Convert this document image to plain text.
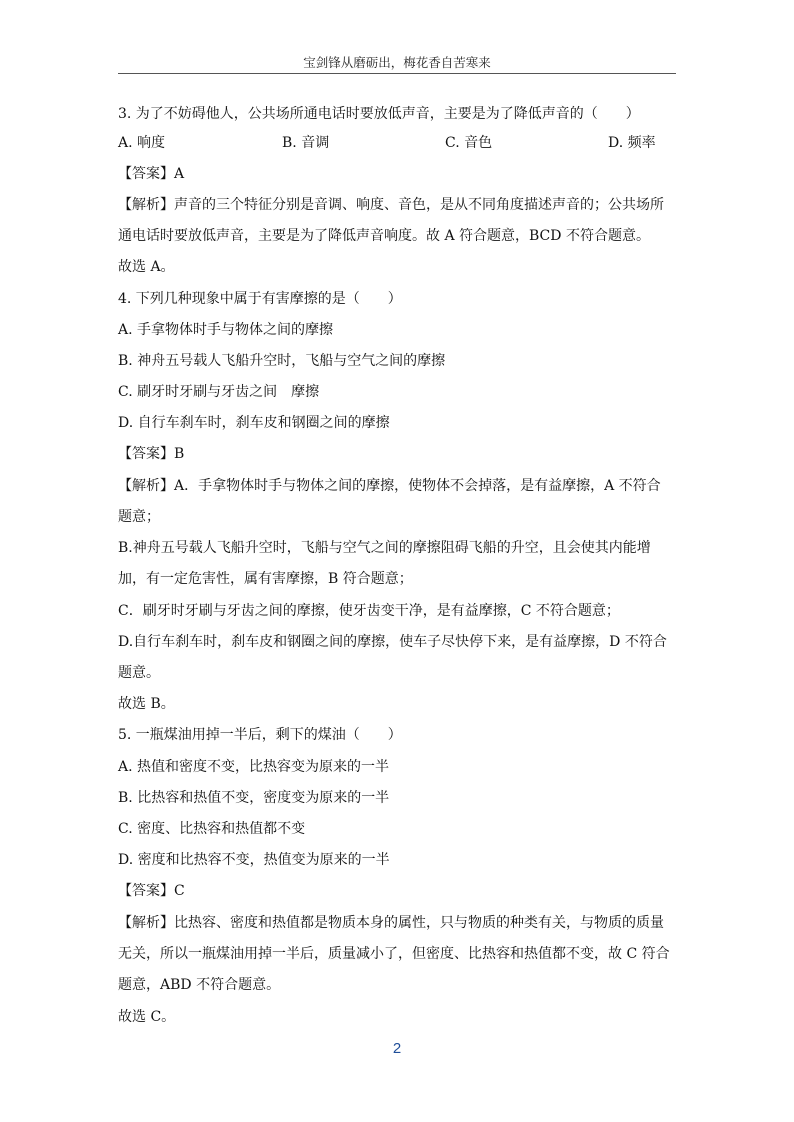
宝剑锋从磨砺出，梅花香自苦寒来
3. 为了不妨碍他人，公共场所通电话时要放低声音，主要是为了降低声音的（　　）
A. 响度	B. 音调	C. 音色	D. 频率
【答案】A
【解析】声音的三个特征分别是音调、响度、音色，是从不同角度描述声音的；公共场所
通电话时要放低声音，主要是为了降低声音响度。故 A 符合题意，BCD 不符合题意。
故选 A。
4. 下列几种现象中属于有害摩擦的是（　　）
A. 手拿物体时手与物体之间的摩擦
B. 神舟五号载人飞船升空时，飞船与空气之间的摩擦
C. 刷牙时牙刷与牙齿之间　摩擦
D. 自行车刹车时，刹车皮和钢圈之间的摩擦
【答案】B
【解析】A．手拿物体时手与物体之间的摩擦，使物体不会掉落，是有益摩擦，A 不符合
题意；
B.神舟五号载人飞船升空时，飞船与空气之间的摩擦阻碍飞船的升空，且会使其内能增
加，有一定危害性，属有害摩擦，B 符合题意；
C．刷牙时牙刷与牙齿之间的摩擦，使牙齿变干净，是有益摩擦，C 不符合题意；
D.自行车刹车时，刹车皮和钢圈之间的摩擦，使车子尽快停下来，是有益摩擦，D 不符合
题意。
故选 B。
5. 一瓶煤油用掉一半后，剩下的煤油（　　）
A. 热值和密度不变，比热容变为原来的一半
B. 比热容和热值不变，密度变为原来的一半
C. 密度、比热容和热值都不变
D. 密度和比热容不变，热值变为原来的一半
【答案】C
【解析】比热容、密度和热值都是物质本身的属性，只与物质的种类有关，与物质的质量
无关，所以一瓶煤油用掉一半后，质量减小了，但密度、比热容和热值都不变，故 C 符合
题意，ABD 不符合题意。
故选 C。
2
